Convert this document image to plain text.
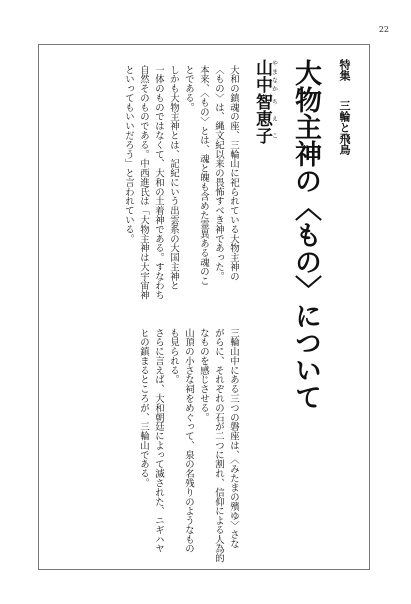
22
特集 三輪と飛鳥
大物主神の〈もの〉について
山やま中なか智ち恵え子こ

大和の鎮魂の座、三輪山に祀られている大物主神の

〈もの〉は、縄文紀以来の畏怖すべき神であった。

本来、〈もの〉とは、魂と魄も含めた霊異ある魂のこ

とである。

しかも大物主神とは、記紀にいう出雲系の大国主神と

一体のものではなくて、大和の土着神である。すなわち

自然そのものである。中西進氏は「大物主神は大宇宙神

といってもいいだろう」と言われている。

三輪山中にある三つの磐座は、〈みたまの殯ゆ〉さな

がらに、それぞれの石が二つに割れ、信仰による人為的

なものを感じさせる。

山頂の小さな祠をめぐって、泉の名残りのようなもの

も見られる。

さらに言えば、大和朝廷によって滅された、ニギハヤ

ヒの鎮まるところが、三輪山である。
